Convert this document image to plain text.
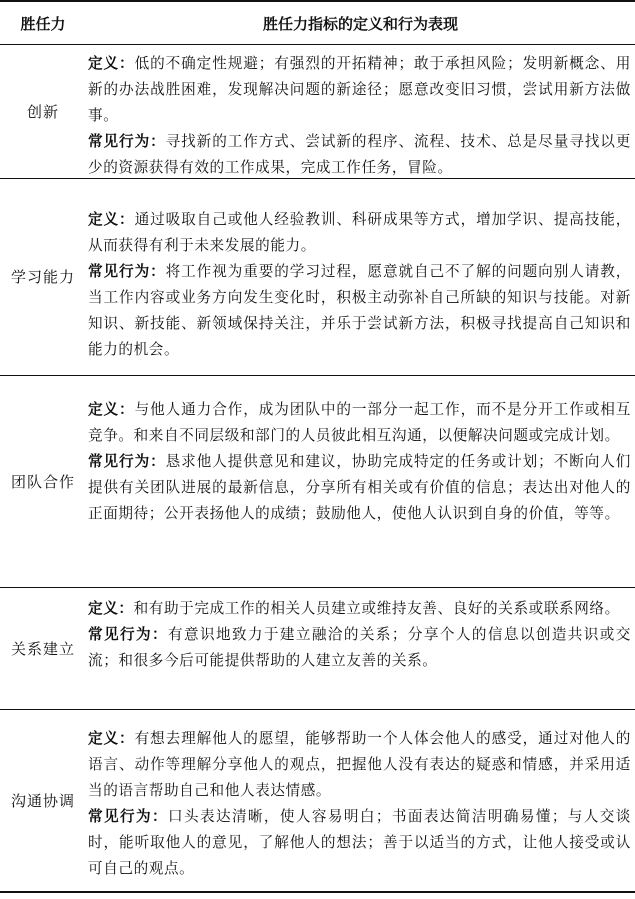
胜任力	胜任力指标的定义和行为表现
创新

定义：低的不确定性规避；有强烈的开拓精神；敢于承担风险；发明新概念、用新的办法战胜困难，发现解决问题的新途径；愿意改变旧习惯，尝试用新方法做事。

常见行为：寻找新的工作方式、尝试新的程序、流程、技术、总是尽量寻找以更少的资源获得有效的工作成果，完成工作任务，冒险。

学习能力

定义：通过吸取自己或他人经验教训、科研成果等方式，增加学识、提高技能，从而获得有利于未来发展的能力。

常见行为：将工作视为重要的学习过程，愿意就自己不了解的问题向别人请教，当工作内容或业务方向发生变化时，积极主动弥补自己所缺的知识与技能。对新知识、新技能、新领域保持关注，并乐于尝试新方法，积极寻找提高自己知识和能力的机会。

团队合作

定义：与他人通力合作，成为团队中的一部分一起工作，而不是分开工作或相互竞争。和来自不同层级和部门的人员彼此相互沟通，以便解决问题或完成计划。

常见行为：恳求他人提供意见和建议，协助完成特定的任务或计划；不断向人们提供有关团队进展的最新信息，分享所有相关或有价值的信息；表达出对他人的正面期待；公开表扬他人的成绩；鼓励他人，使他人认识到自身的价值，等等。

关系建立

定义：和有助于完成工作的相关人员建立或维持友善、良好的关系或联系网络。

常见行为：有意识地致力于建立融洽的关系；分享个人的信息以创造共识或交流；和很多今后可能提供帮助的人建立友善的关系。

沟通协调

定义：有想去理解他人的愿望，能够帮助一个人体会他人的感受，通过对他人的语言、动作等理解分享他人的观点，把握他人没有表达的疑惑和情感，并采用适当的语言帮助自己和他人表达情感。

常见行为：口头表达清晰，使人容易明白；书面表达简洁明确易懂；与人交谈时，能听取他人的意见，了解他人的想法；善于以适当的方式，让他人接受或认可自己的观点。
